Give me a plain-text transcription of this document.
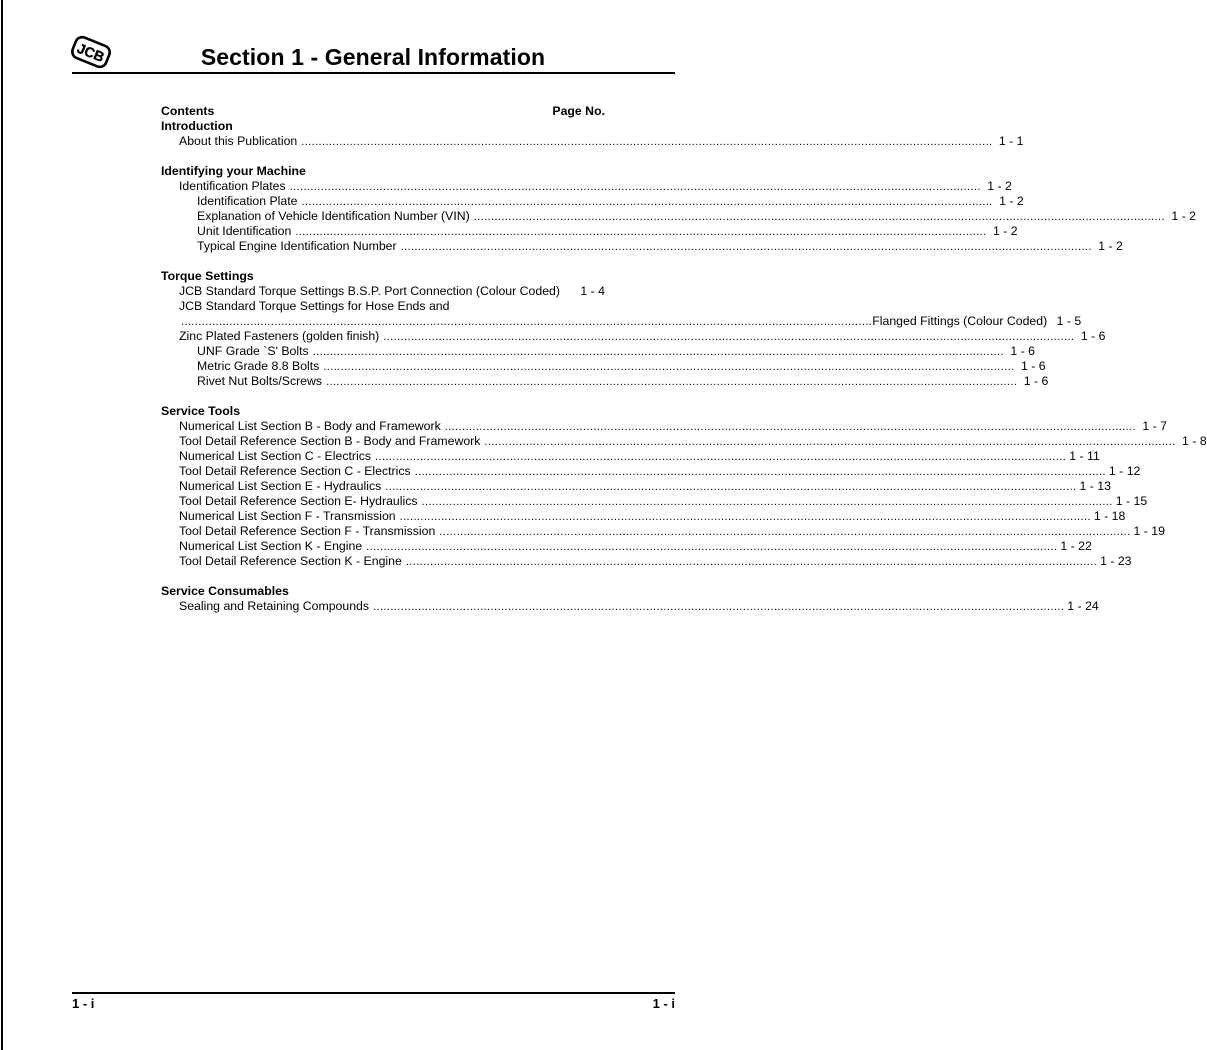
JCB	Section 1 - General Information
Contents	Page No.
Introduction
About this Publication ........................................................................................................................................................................................................ 1 - 1
Identifying your Machine
Identification Plates ........................................................................................................................................................................................................ 1 - 2
Identification Plate ........................................................................................................................................................................................................ 1 - 2
Explanation of Vehicle Identification Number (VIN) ........................................................................................................................................................................................................ 1 - 2
Unit Identification ........................................................................................................................................................................................................ 1 - 2
Typical Engine Identification Number ........................................................................................................................................................................................................ 1 - 2
Torque Settings
JCB Standard Torque Settings B.S.P. Port Connection (Colour Coded) 1 - 4
JCB Standard Torque Settings for Hose Ends and
........................................................................................................................................................................................................ Flanged Fittings (Colour Coded) 1 - 5
Zinc Plated Fasteners (golden finish) ........................................................................................................................................................................................................ 1 - 6
UNF Grade `S' Bolts ........................................................................................................................................................................................................ 1 - 6
Metric Grade 8.8 Bolts ........................................................................................................................................................................................................ 1 - 6
Rivet Nut Bolts/Screws ........................................................................................................................................................................................................ 1 - 6
Service Tools
Numerical List Section B - Body and Framework ........................................................................................................................................................................................................ 1 - 7
Tool Detail Reference Section B - Body and Framework ........................................................................................................................................................................................................ 1 - 8
Numerical List Section C - Electrics ........................................................................................................................................................................................................ 1 - 11
Tool Detail Reference Section C - Electrics ........................................................................................................................................................................................................ 1 - 12
Numerical List Section E - Hydraulics ........................................................................................................................................................................................................ 1 - 13
Tool Detail Reference Section E- Hydraulics ........................................................................................................................................................................................................ 1 - 15
Numerical List Section F - Transmission ........................................................................................................................................................................................................ 1 - 18
Tool Detail Reference Section F - Transmission ........................................................................................................................................................................................................ 1 - 19
Numerical List Section K - Engine ........................................................................................................................................................................................................ 1 - 22
Tool Detail Reference Section K - Engine ........................................................................................................................................................................................................ 1 - 23
Service Consumables
Sealing and Retaining Compounds ........................................................................................................................................................................................................ 1 - 24
1 - i	1 - i
